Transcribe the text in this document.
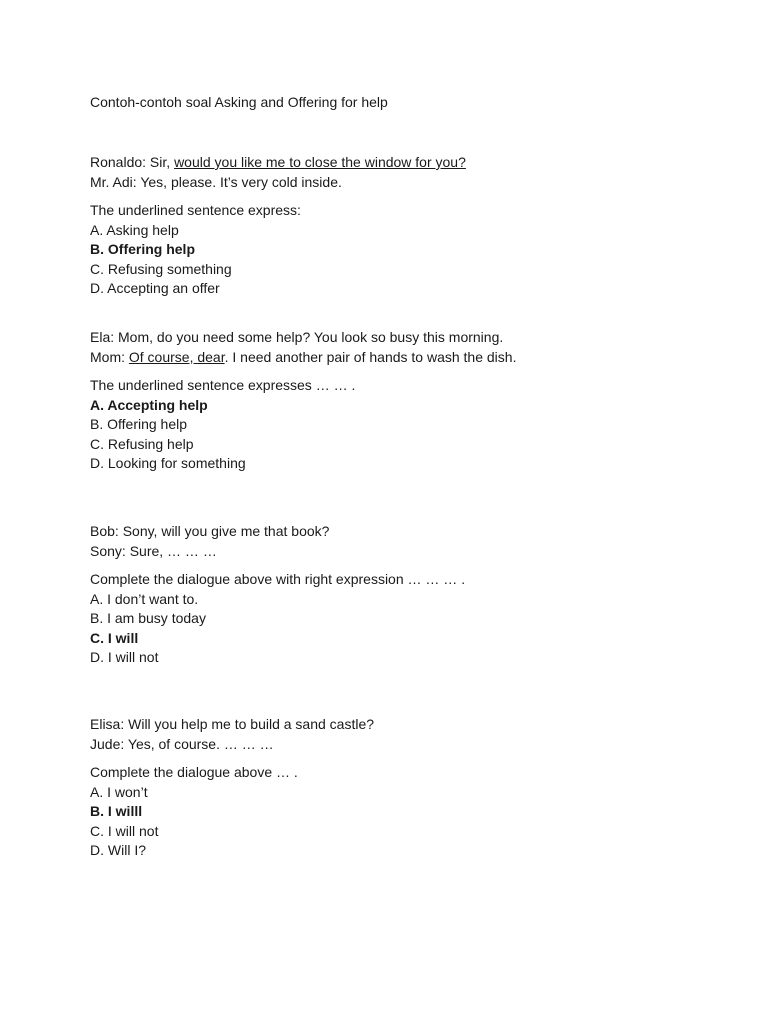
Contoh-contoh soal Asking and Offering for help
Ronaldo: Sir, would you like me to close the window for you?
Mr. Adi: Yes, please. It’s very cold inside.
The underlined sentence express:
A. Asking help
B. Offering help
C. Refusing something
D. Accepting an offer
Ela: Mom, do you need some help? You look so busy this morning.
Mom: Of course, dear. I need another pair of hands to wash the dish.
The underlined sentence expresses … … .
A. Accepting help
B. Offering help
C. Refusing help
D. Looking for something
Bob: Sony, will you give me that book?
Sony: Sure, … … …
Complete the dialogue above with right expression … … … .
A. I don’t want to.
B. I am busy today
C. I will
D. I will not
Elisa: Will you help me to build a sand castle?
Jude: Yes, of course. … … …
Complete the dialogue above … .
A. I won’t
B. I willl
C. I will not
D. Will I?
